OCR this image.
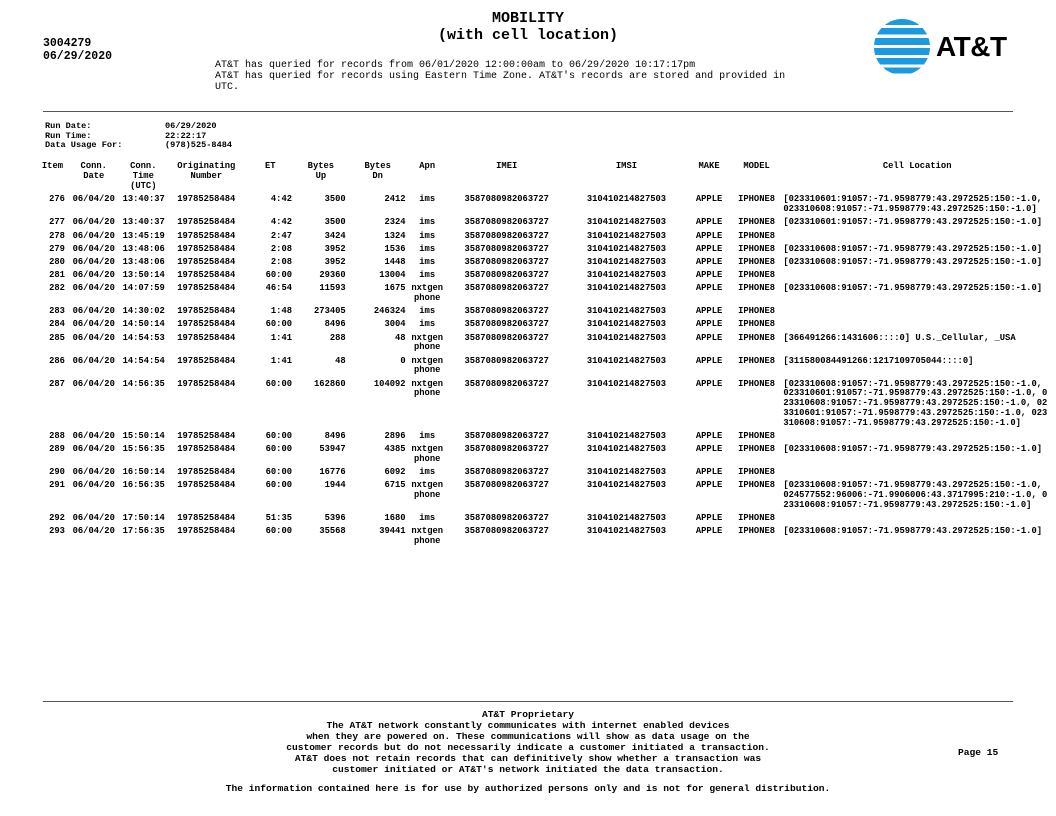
3004279
06/29/2020
MOBILITY
(with cell location)
AT&T has queried for records from 06/01/2020 12:00:00am to 06/29/2020 10:17:17pm
AT&T has queried for records using Eastern Time Zone. AT&T's records are stored and provided in
UTC.
AT&T
Run Date:	06/29/2020
Run Time:	22:22:17
Data Usage For:	(978)525-8484
Item	Conn. Date	Conn. Time (UTC)	Originating Number	ET	Bytes Up	Bytes Dn	Apn	IMEI	IMSI	MAKE	MODEL	Cell Location

276	06/04/20	13:40:37	19785258484	4:42	3500	2412	ims	3587080982063727	310410214827503	APPLE	IPHONE8	[023310601:91057:-71.9598779:43.2972525:150:-1.0, 023310608:91057:-71.9598779:43.2972525:150:-1.0]
277	06/04/20	13:40:37	19785258484	4:42	3500	2324	ims	3587080982063727	310410214827503	APPLE	IPHONE8	[023310601:91057:-71.9598779:43.2972525:150:-1.0]
278	06/04/20	13:45:19	19785258484	2:47	3424	1324	ims	3587080982063727	310410214827503	APPLE	IPHONE8	
279	06/04/20	13:48:06	19785258484	2:08	3952	1536	ims	3587080982063727	310410214827503	APPLE	IPHONE8	[023310608:91057:-71.9598779:43.2972525:150:-1.0]
280	06/04/20	13:48:06	19785258484	2:08	3952	1448	ims	3587080982063727	310410214827503	APPLE	IPHONE8	[023310608:91057:-71.9598779:43.2972525:150:-1.0]
281	06/04/20	13:50:14	19785258484	60:00	29360	13004	ims	3587080982063727	310410214827503	APPLE	IPHONE8	
282	06/04/20	14:07:59	19785258484	46:54	11593	1675	nxtgenphone	3587080982063727	310410214827503	APPLE	IPHONE8	[023310608:91057:-71.9598779:43.2972525:150:-1.0]
283	06/04/20	14:30:02	19785258484	1:48	273405	246324	ims	3587080982063727	310410214827503	APPLE	IPHONE8	
284	06/04/20	14:50:14	19785258484	60:00	8496	3004	ims	3587080982063727	310410214827503	APPLE	IPHONE8	
285	06/04/20	14:54:53	19785258484	1:41	288	48	nxtgenphone	3587080982063727	310410214827503	APPLE	IPHONE8	[366491266:1431606::::0] U.S._Cellular, _USA
286	06/04/20	14:54:54	19785258484	1:41	48	0	nxtgenphone	3587080982063727	310410214827503	APPLE	IPHONE8	[311580084491266:1217109705044::::0]
287	06/04/20	14:56:35	19785258484	60:00	162860	104092	nxtgenphone	3587080982063727	310410214827503	APPLE	IPHONE8	[023310608:91057:-71.9598779:43.2972525:150:-1.0, 023310601:91057:-71.9598779:43.2972525:150:-1.0, 023310608:91057:-71.9598779:43.2972525:150:-1.0, 023310601:91057:-71.9598779:43.2972525:150:-1.0, 023310608:91057:-71.9598779:43.2972525:150:-1.0]
288	06/04/20	15:50:14	19785258484	60:00	8496	2896	ims	3587080982063727	310410214827503	APPLE	IPHONE8	
289	06/04/20	15:56:35	19785258484	60:00	53947	4385	nxtgenphone	3587080982063727	310410214827503	APPLE	IPHONE8	[023310608:91057:-71.9598779:43.2972525:150:-1.0]
290	06/04/20	16:50:14	19785258484	60:00	16776	6092	ims	3587080982063727	310410214827503	APPLE	IPHONE8	
291	06/04/20	16:56:35	19785258484	60:00	1944	6715	nxtgenphone	3587080982063727	310410214827503	APPLE	IPHONE8	[023310608:91057:-71.9598779:43.2972525:150:-1.0, 024577552:96006:-71.9906006:43.3717995:210:-1.0, 023310608:91057:-71.9598779:43.2972525:150:-1.0]
292	06/04/20	17:50:14	19785258484	51:35	5396	1680	ims	3587080982063727	310410214827503	APPLE	IPHONE8	
293	06/04/20	17:56:35	19785258484	60:00	35568	39441	nxtgenphone	3587080982063727	310410214827503	APPLE	IPHONE8	[023310608:91057:-71.9598779:43.2972525:150:-1.0]
AT&T Proprietary
The AT&T network constantly communicates with internet enabled devices
when they are powered on. These communications will show as data usage on the
customer records but do not necessarily indicate a customer initiated a transaction.
AT&T does not retain records that can definitively show whether a transaction was
customer initiated or AT&T's network initiated the data transaction.
Page 15
The information contained here is for use by authorized persons only and is not for general distribution.
